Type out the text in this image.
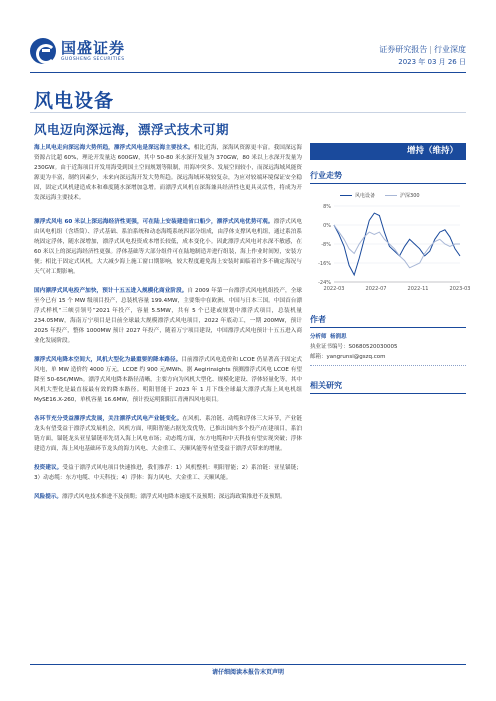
国盛证券
GUOSHENG SECURITIES
证券研究报告 | 行业深度
2023 年 03 月 26 日
风电设备
风电迈向深远海，漂浮式技术可期

海上风电走向深远海大势所趋，漂浮式风电是深远海主要技术。相比近海，深海风资源更丰富。我国深远海资源占比超 60%，理论开发量达 600GW，其中 50-80 米水深开发量为 370GW，80 米以上水深开发量为 230GW。由于近海项目开发用海受到国土空间规划等限制，用海冲突多、发展空间较小，而深远海域风能资源更为丰富，制约因素少，未来向深远海开发大势所趋。深远海域环境较复杂，为应对较端环境保证安全稳固，固定式风机建造成本和难度随水深增加急增。而漂浮式风机在深海兼具经济性也更具灵活性，将成为开发深远海主要技术。

漂浮式风电 60 米以上深远海经济性更强，可在陆上安装建造省口船少，漂浮式风电优势可观。漂浮式风电由风电机组（含塔筒）、浮式基础、系泊系统和动态海缆系统四部分组成，由浮体支撑风电机组，通过系泊系统固定浮体，随水深增加，漂浮式风电投资成本增长较低，成本变化小。因此漂浮式风电对水深不敏感，在 60 米以上的深远海经济性更强。浮体基础等大部分组件可在陆地制造并进行组装，海上作业时间短，安装方便；相比于固定式风机，大大减少海上施工窗口期影响，较大程度避免海上安装时面临着许多不确定海况与天气对工期影响。

国内漂浮式风电投产加快，预计十五五进入规模化商业阶段。自 2009 年第一台漂浮式风电机组投产，全球至今已有 15 个 MW 级项目投产，总装机容量 199.4MW，主要集中在欧洲、中国与日本三国。中国首台漂浮式样机“三峡引领号”2021 年投产，容量 5.5MW，共有 5 个已建或规划中漂浮式项目，总装机量 234.05MW，海南万宁项目是目前全球最大规模漂浮式风电项目，2022 年底动工，一期 200MW，预计 2025 年投产，整体 1000MW 预计 2027 年投产，随着万宁项目建设，中国漂浮式风电预计十五五进入商业化发展阶段。

漂浮式风电降本空间大，风机大型化为最重要的降本路径。目前漂浮式风电造价和 LCOE 仍显著高于固定式风电，单 MW 造价约 4000 万元，LCOE 约 900 元/MWh。据 Aegirinsights 预测漂浮式风电 LCOE 有望降至 50-65€/MWh。漂浮式风电降本路径清晰，主要方向为风机大型化、规模化建设、浮体轻量化等，其中风机大型化是最直接最有效的降本路径。明阳智能于 2023 年 1 月下线全球最大漂浮式海上风电机组 MySE16.X-260，单机容量 16.6MW，预计投运明阳阳江青洲四风电项目。

各环节充分受益漂浮式发展，关注漂浮式风电产业链变化。在风机、系泊链、动缆和浮体三大环节，产业链龙头有望受益于漂浮式发展机会，风机方面，明阳智能占据先发优势，已推出国内多个投产/在建项目，系泊链方面，锚链龙头亚星锚链率先切入海上风电市场；动态缆方面，东方电缆和中天科技有望实现突破；浮体建造方面，海上风电基础环节龙头的海力风电、大金重工、天顺风能等有望受益于漂浮式带来的增量。

投资建议。受益于漂浮式风电项目快速推进，我们推荐：1）风机整机：明阳智能；2）系泊链：亚星锚链；3）动态缆：东方电缆、中天科技；4）浮体：海力风电、大金重工、天顺风能。

风险提示。漂浮式风电技术推进不及预期；漂浮式风电降本速度不及预期；深远海政策推进不及预期。

增持（维持）
行业走势
风电设备	沪深300
8%
0%
-8%
-16%
-24%
2022-03	2022-07	2022-11	2023-03
作者
分析师 杨润思
执业证书编号：S0680520030005
邮箱：yangrunsi@gszq.com
相关研究
请仔细阅读本报告末页声明
